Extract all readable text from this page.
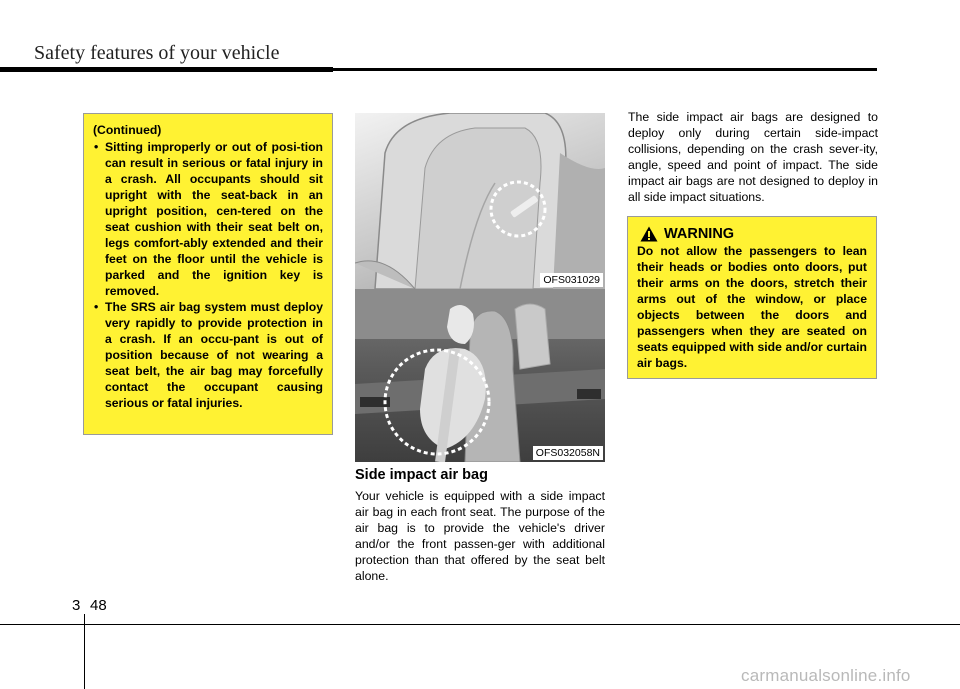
Safety features of your vehicle
(Continued)
• Sitting improperly or out of posi-tion can result in serious or fatal injury in a crash. All occupants should sit upright with the seat-back in an upright position, cen-tered on the seat cushion with their seat belt on, legs comfort-ably extended and their feet on the floor until the vehicle is parked and the ignition key is removed.
• The SRS air bag system must deploy very rapidly to provide protection in a crash. If an occu-pant is out of position because of not wearing a seat belt, the air bag may forcefully contact the occupant causing serious or fatal injuries.
OFS031029
OFS032058N
Side impact air bag
Your vehicle is equipped with a side impact air bag in each front seat. The purpose of the air bag is to provide the vehicle's driver and/or the front passen-ger with additional protection than that offered by the seat belt alone.
The side impact air bags are designed to deploy only during certain side-impact collisions, depending on the crash sever-ity, angle, speed and point of impact. The side impact air bags are not designed to deploy in all side impact situations.
WARNING
Do not allow the passengers to lean their heads or bodies onto doors, put their arms on the doors, stretch their arms out of the window, or place objects between the doors and passengers when they are seated on seats equipped with side and/or curtain air bags.
3 48
carmanualsonline.info
